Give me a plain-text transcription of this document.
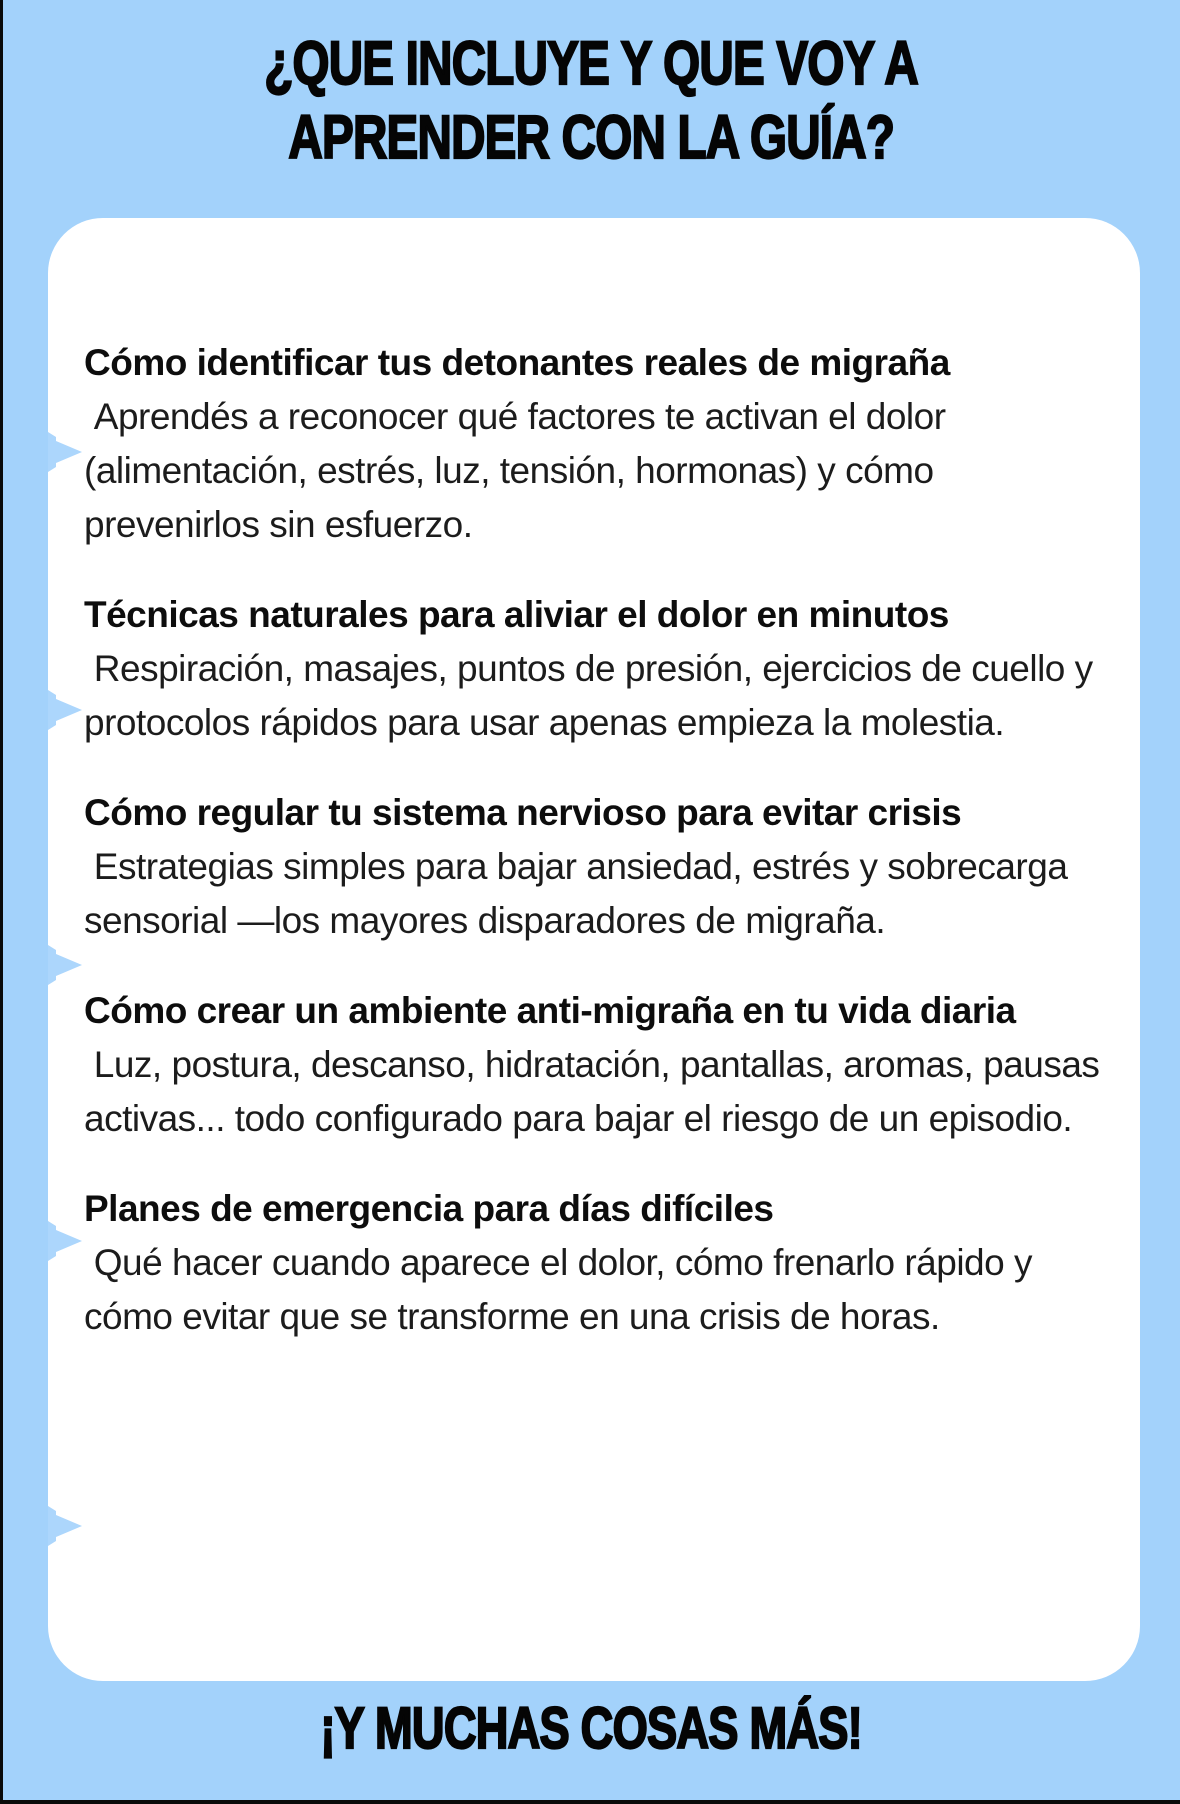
¿QUE INCLUYE Y QUE VOY A
APRENDER CON LA GUÍA?
Cómo identificar tus detonantes reales de migraña

Aprendés a reconocer qué factores te activan el dolor (alimentación, estrés, luz, tensión, hormonas) y cómo prevenirlos sin esfuerzo.

Técnicas naturales para aliviar el dolor en minutos

Respiración, masajes, puntos de presión, ejercicios de cuello y protocolos rápidos para usar apenas empieza la molestia.

Cómo regular tu sistema nervioso para evitar crisis

Estrategias simples para bajar ansiedad, estrés y sobrecarga sensorial —los mayores disparadores de migraña.

Cómo crear un ambiente anti-migraña en tu vida diaria

Luz, postura, descanso, hidratación, pantallas, aromas, pausas activas... todo configurado para bajar el riesgo de un episodio.

Planes de emergencia para días difíciles

Qué hacer cuando aparece el dolor, cómo frenarlo rápido y cómo evitar que se transforme en una crisis de horas.

¡Y MUCHAS COSAS MÁS!
